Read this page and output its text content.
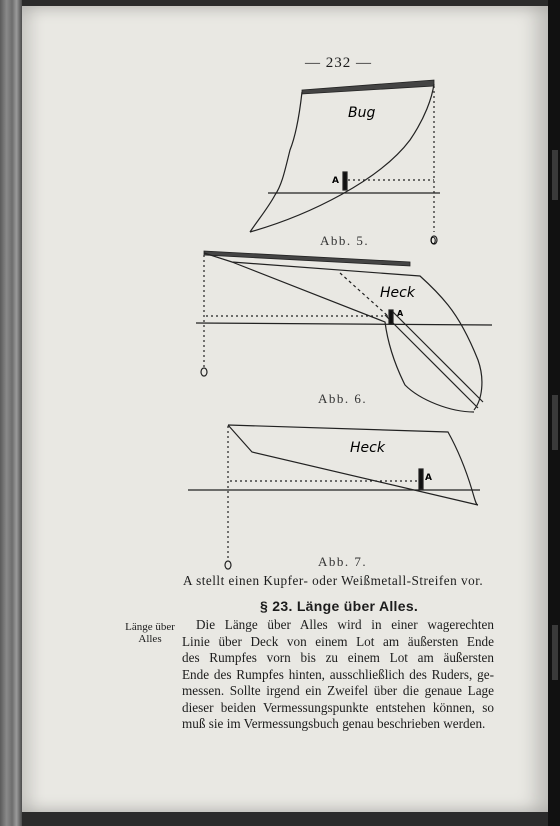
— 232 —
Bug
A
0
Heck
A
Heck
A
Abb. 5.
Abb. 6.
Abb. 7.
A stellt einen Kupfer- oder Weißmetall-Streifen vor.
§ 23. Länge über Alles.
Länge über
Alles
Die Länge über Alles wird in einer wagerechten
Linie über Deck von einem Lot am äußersten Ende
des Rumpfes vorn bis zu einem Lot am äußersten
Ende des Rumpfes hinten, ausschließlich des Ruders, ge-
messen. Sollte irgend ein Zweifel über die genaue Lage
dieser beiden Vermessungspunkte entstehen können, so
muß sie im Vermessungsbuch genau beschrieben werden.
